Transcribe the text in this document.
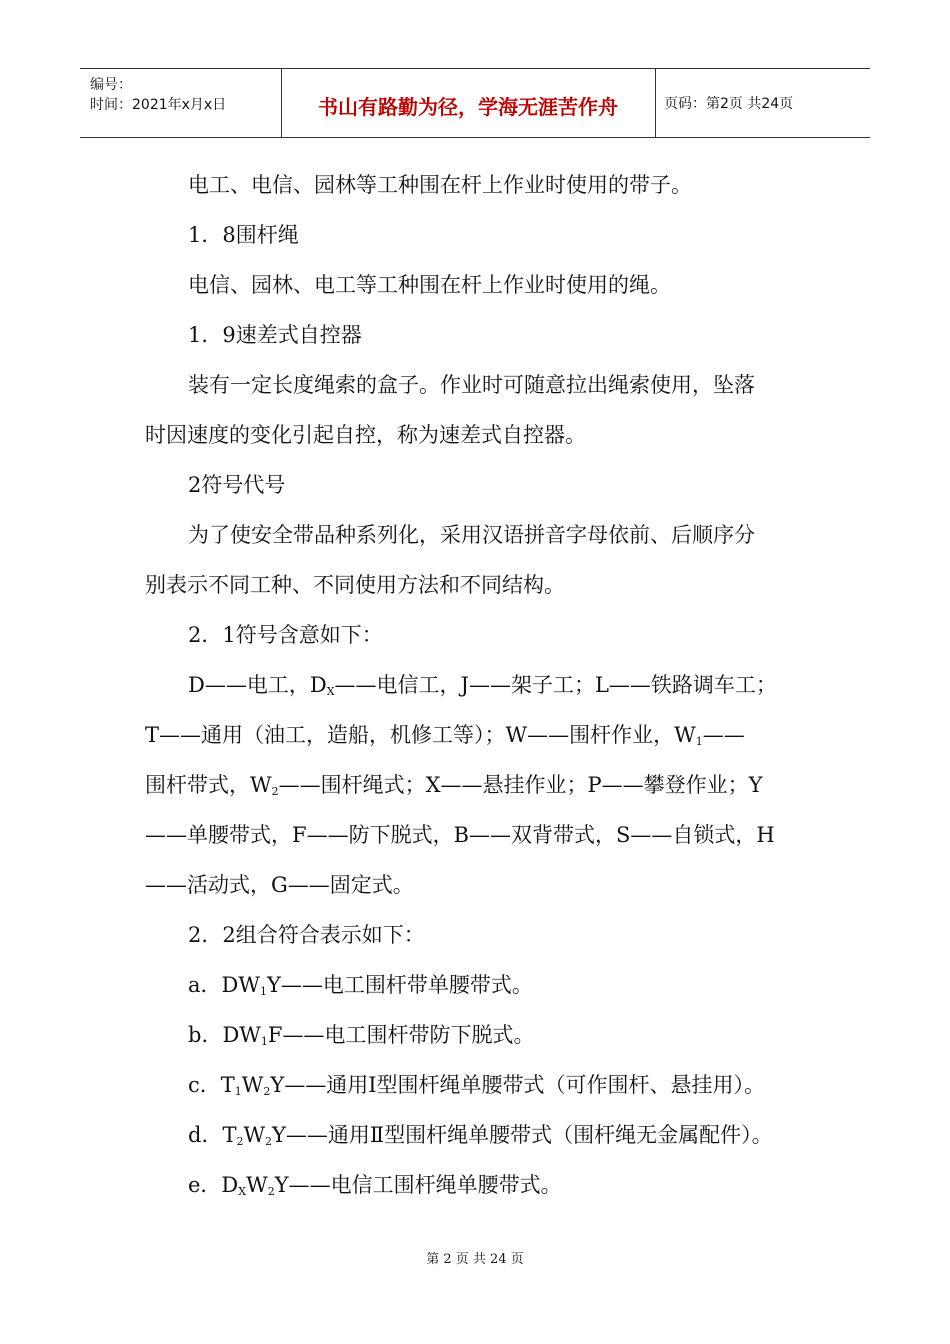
编号：
时间：2021年x月x日	书山有路勤为径，学海无涯苦作舟	页码：第2页 共24页

电工、电信、园林等工种围在杆上作业时使用的带子。

1．8围杆绳

电信、园林、电工等工种围在杆上作业时使用的绳。

1．9速差式自控器

装有一定长度绳索的盒子。作业时可随意拉出绳索使用，坠落

时因速度的变化引起自控，称为速差式自控器。

2符号代号

为了使安全带品种系列化，采用汉语拼音字母依前、后顺序分

别表示不同工种、不同使用方法和不同结构。

2．1符号含意如下：

D——电工，$D_X——$电信工，J——架子工；L——铁路调车工；

T——通用（油工，造船，机修工等）；W——围杆作业，$W_1——$

围杆带式，$W_2——$围杆绳式；X——悬挂作业；P——攀登作业；Y

——单腰带式，F——防下脱式，B——双背带式，S——自锁式，H

——活动式，G——固定式。

2．2组合符合表示如下：

a．$DW_1Y——$电工围杆带单腰带式。

b．$DW_1F——$电工围杆带防下脱式。

c．$T_1W_2Y——$通用Ⅰ型围杆绳单腰带式（可作围杆、悬挂用）。

d．$T_2W_2Y——$通用Ⅱ型围杆绳单腰带式（围杆绳无金属配件）。

e．$D_XW_2Y——$电信工围杆绳单腰带式。

第 2 页 共 24 页
